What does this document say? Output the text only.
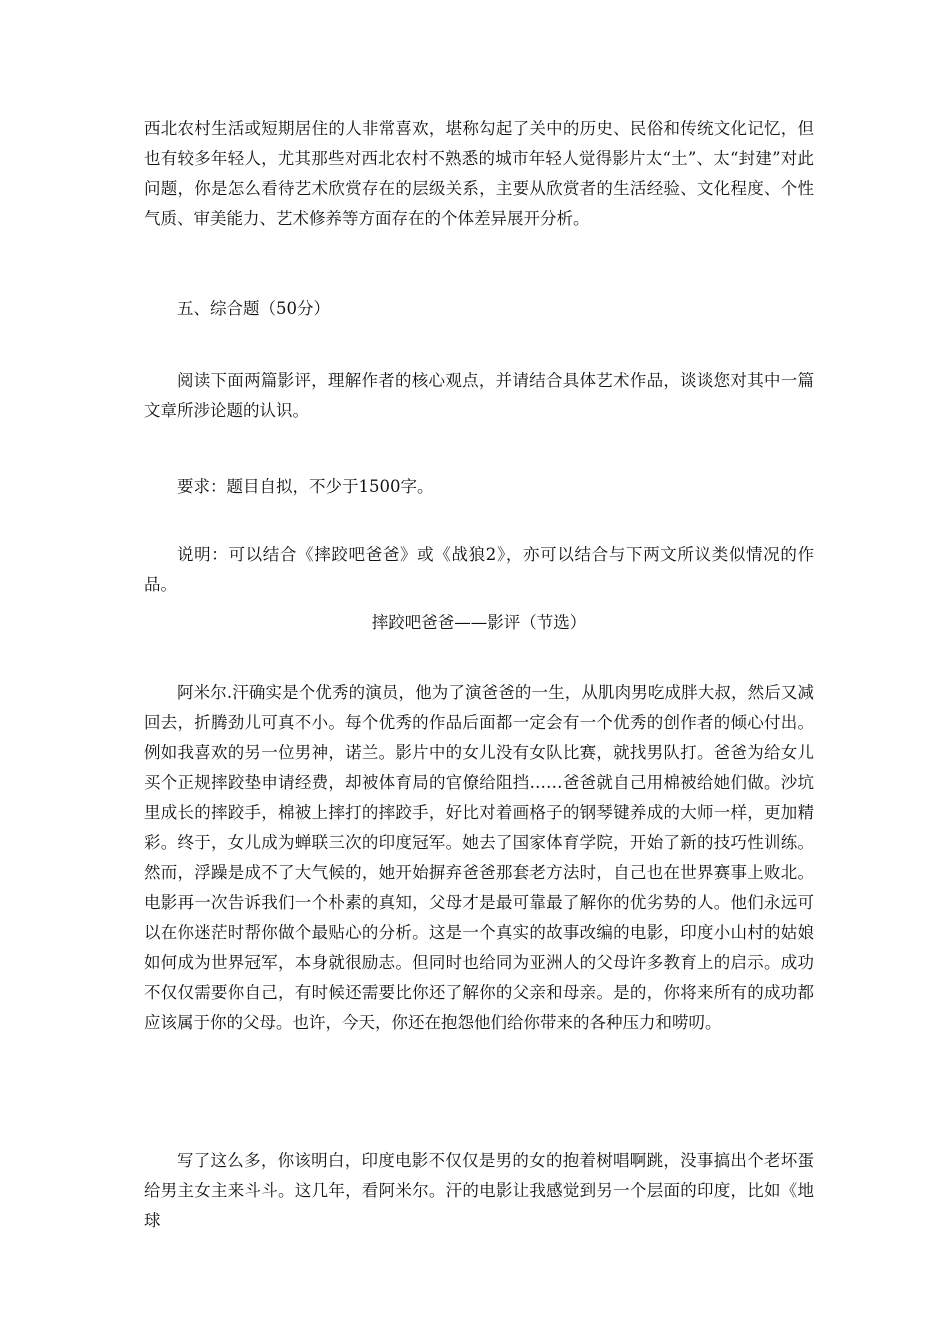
西北农村生活或短期居住的人非常喜欢，堪称勾起了关中的历史、民俗和传统文化记忆，但也有较多年轻人，尤其那些对西北农村不熟悉的城市年轻人觉得影片太“土”、太“封建”对此问题，你是怎么看待艺术欣赏存在的层级关系，主要从欣赏者的生活经验、文化程度、个性气质、审美能力、艺术修养等方面存在的个体差异展开分析。

五、综合题（50分）

阅读下面两篇影评，理解作者的核心观点，并请结合具体艺术作品，谈谈您对其中一篇文章所涉论题的认识。

要求：题目自拟，不少于1500字。

说明：可以结合《摔跤吧爸爸》或《战狼2》，亦可以结合与下两文所议类似情况的作品。

摔跤吧爸爸——影评（节选）

阿米尔.汗确实是个优秀的演员，他为了演爸爸的一生，从肌肉男吃成胖大叔，然后又减回去，折腾劲儿可真不小。每个优秀的作品后面都一定会有一个优秀的创作者的倾心付出。例如我喜欢的另一位男神，诺兰。影片中的女儿没有女队比赛，就找男队打。爸爸为给女儿买个正规摔跤垫申请经费，却被体育局的官僚给阻挡……爸爸就自己用棉被给她们做。沙坑里成长的摔跤手，棉被上摔打的摔跤手，好比对着画格子的钢琴键养成的大师一样，更加精彩。终于，女儿成为蝉联三次的印度冠军。她去了国家体育学院，开始了新的技巧性训练。然而，浮躁是成不了大气候的，她开始摒弃爸爸那套老方法时，自己也在世界赛事上败北。电影再一次告诉我们一个朴素的真知，父母才是最可靠最了解你的优劣势的人。他们永远可以在你迷茫时帮你做个最贴心的分析。这是一个真实的故事改编的电影，印度小山村的姑娘如何成为世界冠军，本身就很励志。但同时也给同为亚洲人的父母许多教育上的启示。成功不仅仅需要你自己，有时候还需要比你还了解你的父亲和母亲。是的，你将来所有的成功都应该属于你的父母。也许，今天，你还在抱怨他们给你带来的各种压力和唠叨。

写了这么多，你该明白，印度电影不仅仅是男的女的抱着树唱啊跳，没事搞出个老坏蛋给男主女主来斗斗。这几年，看阿米尔。汗的电影让我感觉到另一个层面的印度，比如《地球
